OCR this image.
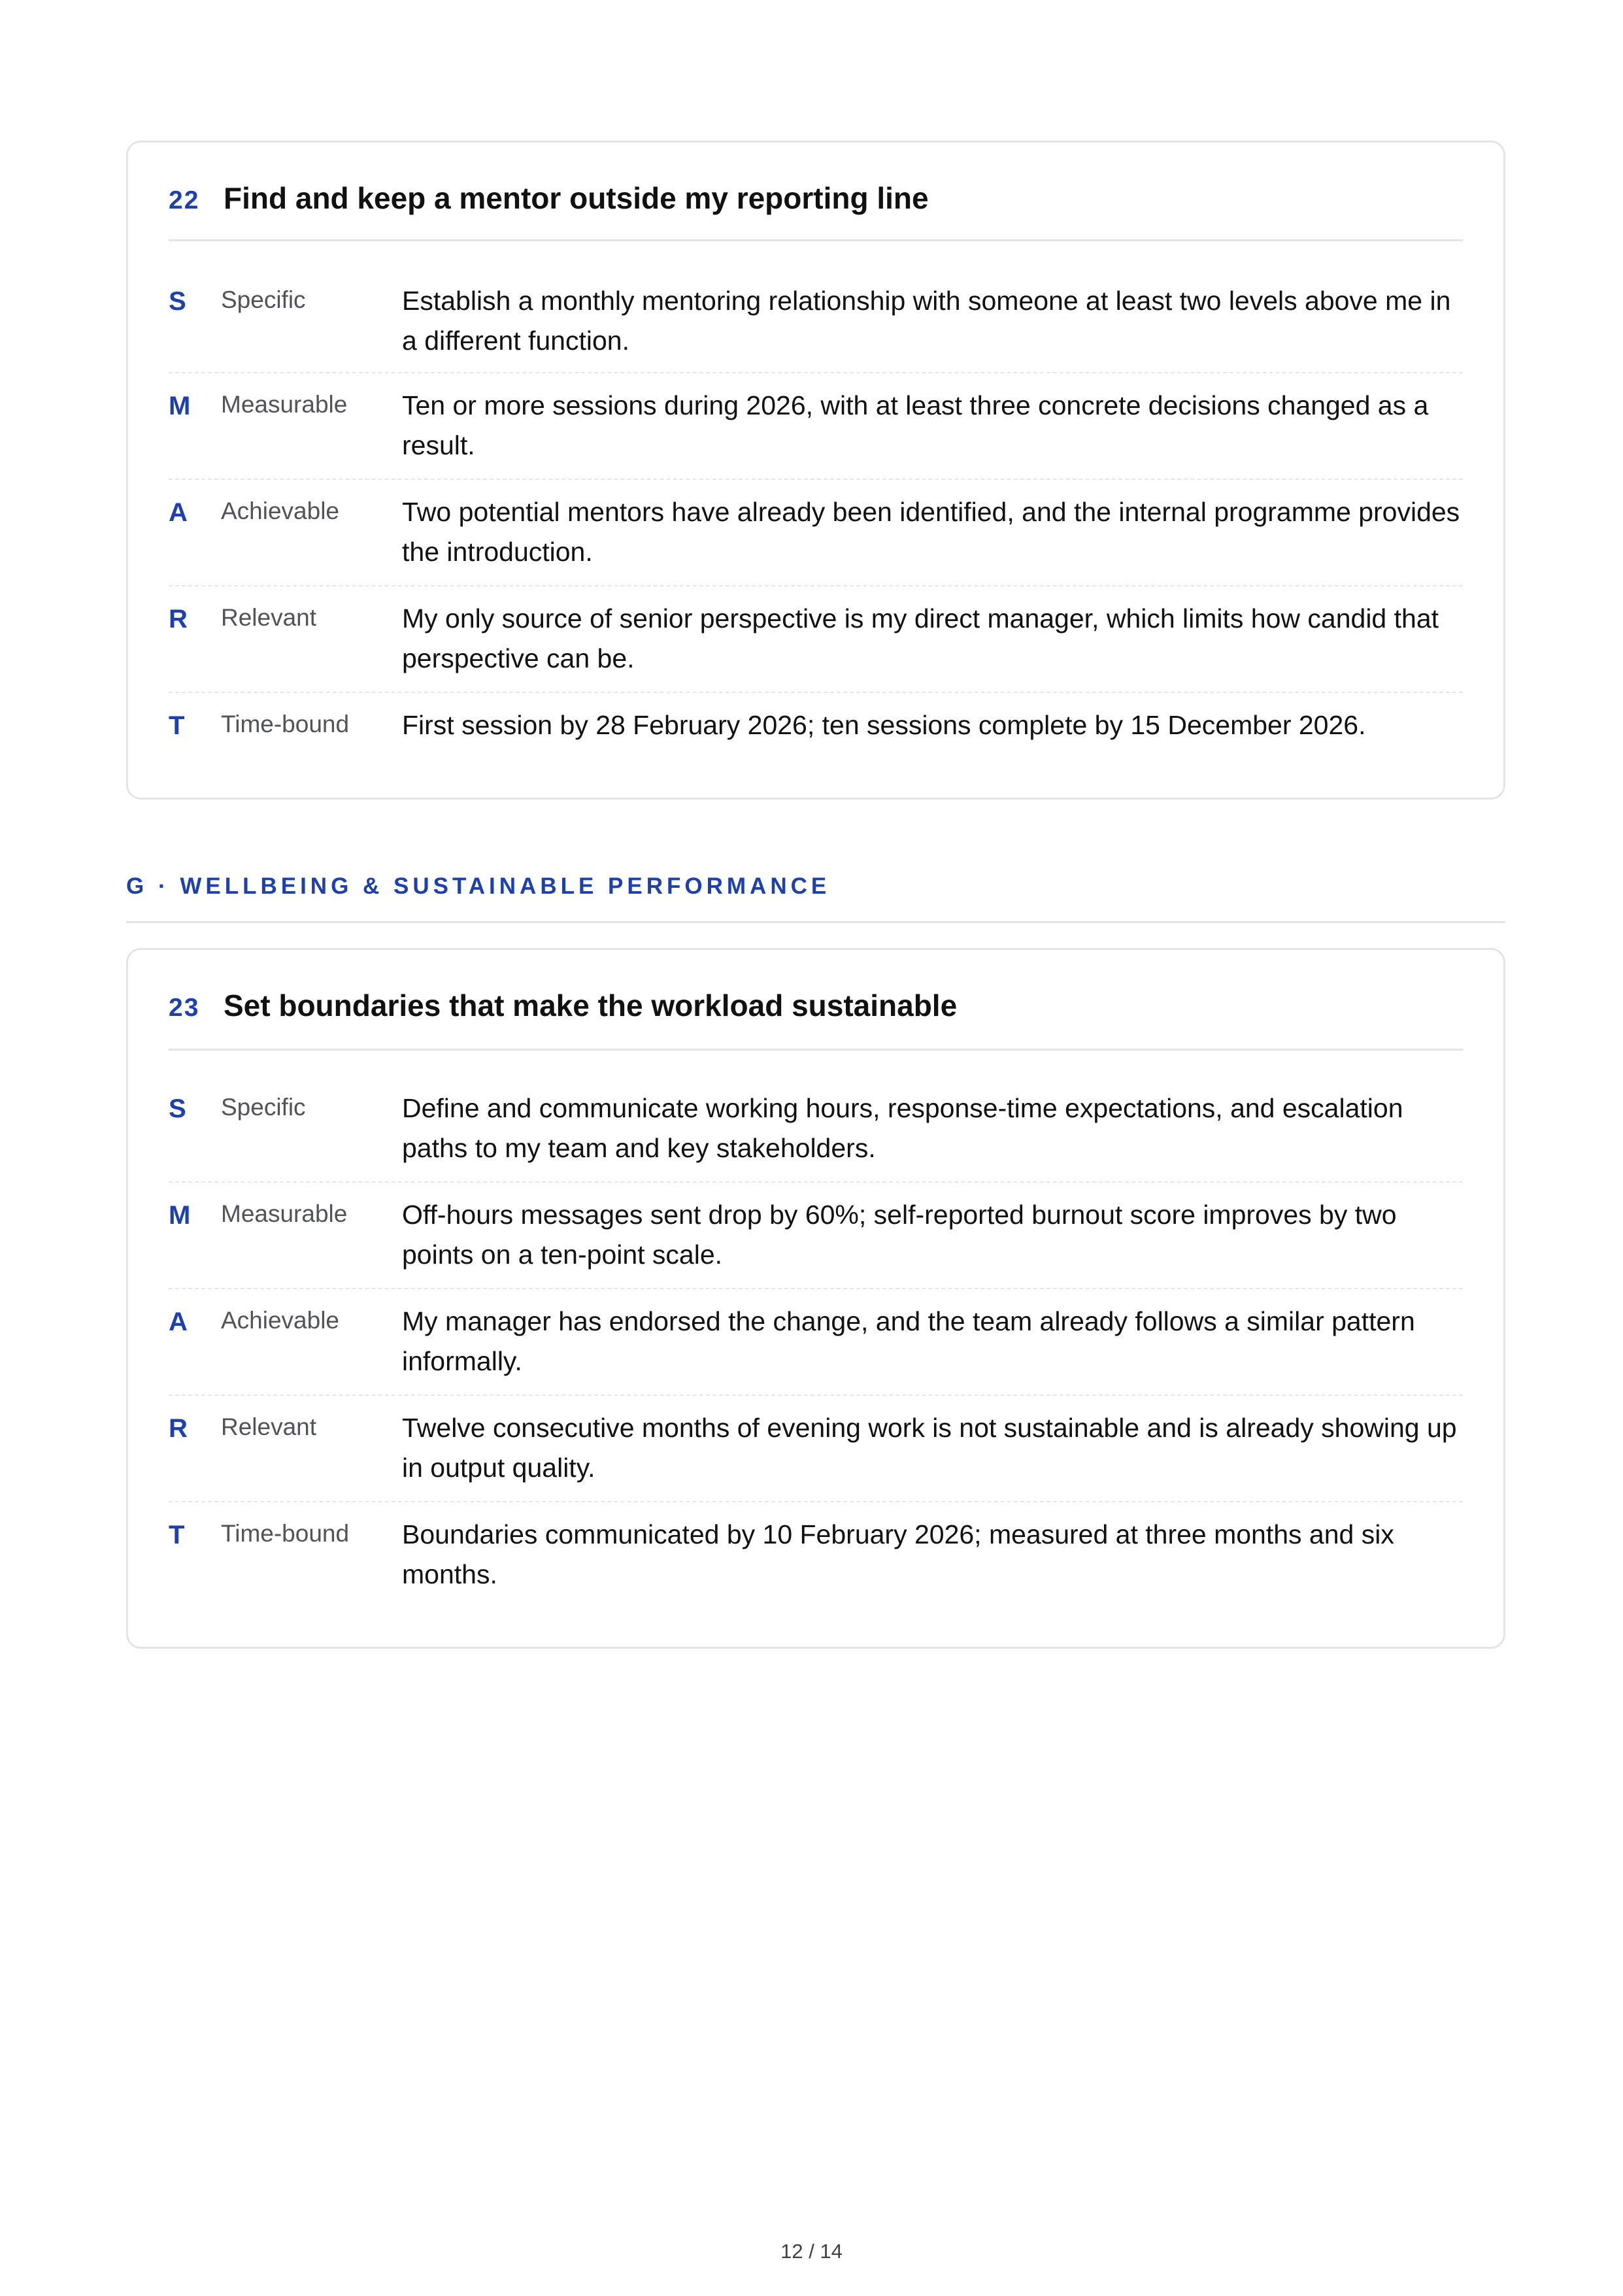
22 Find and keep a mentor outside my reporting line
S	Specific	Establish a monthly mentoring relationship with someone at least two levels above me in a different function.
M	Measurable	Ten or more sessions during 2026, with at least three concrete decisions changed as a result.
A	Achievable	Two potential mentors have already been identified, and the internal programme provides the introduction.
R	Relevant	My only source of senior perspective is my direct manager, which limits how candid that perspective can be.
T	Time-bound	First session by 28 February 2026; ten sessions complete by 15 December 2026.
G · WELLBEING & SUSTAINABLE PERFORMANCE
23 Set boundaries that make the workload sustainable
S	Specific	Define and communicate working hours, response-time expectations, and escalation paths to my team and key stakeholders.
M	Measurable	Off-hours messages sent drop by 60%; self-reported burnout score improves by two points on a ten-point scale.
A	Achievable	My manager has endorsed the change, and the team already follows a similar pattern informally.
R	Relevant	Twelve consecutive months of evening work is not sustainable and is already showing up in output quality.
T	Time-bound	Boundaries communicated by 10 February 2026; measured at three months and six months.
12 / 14
